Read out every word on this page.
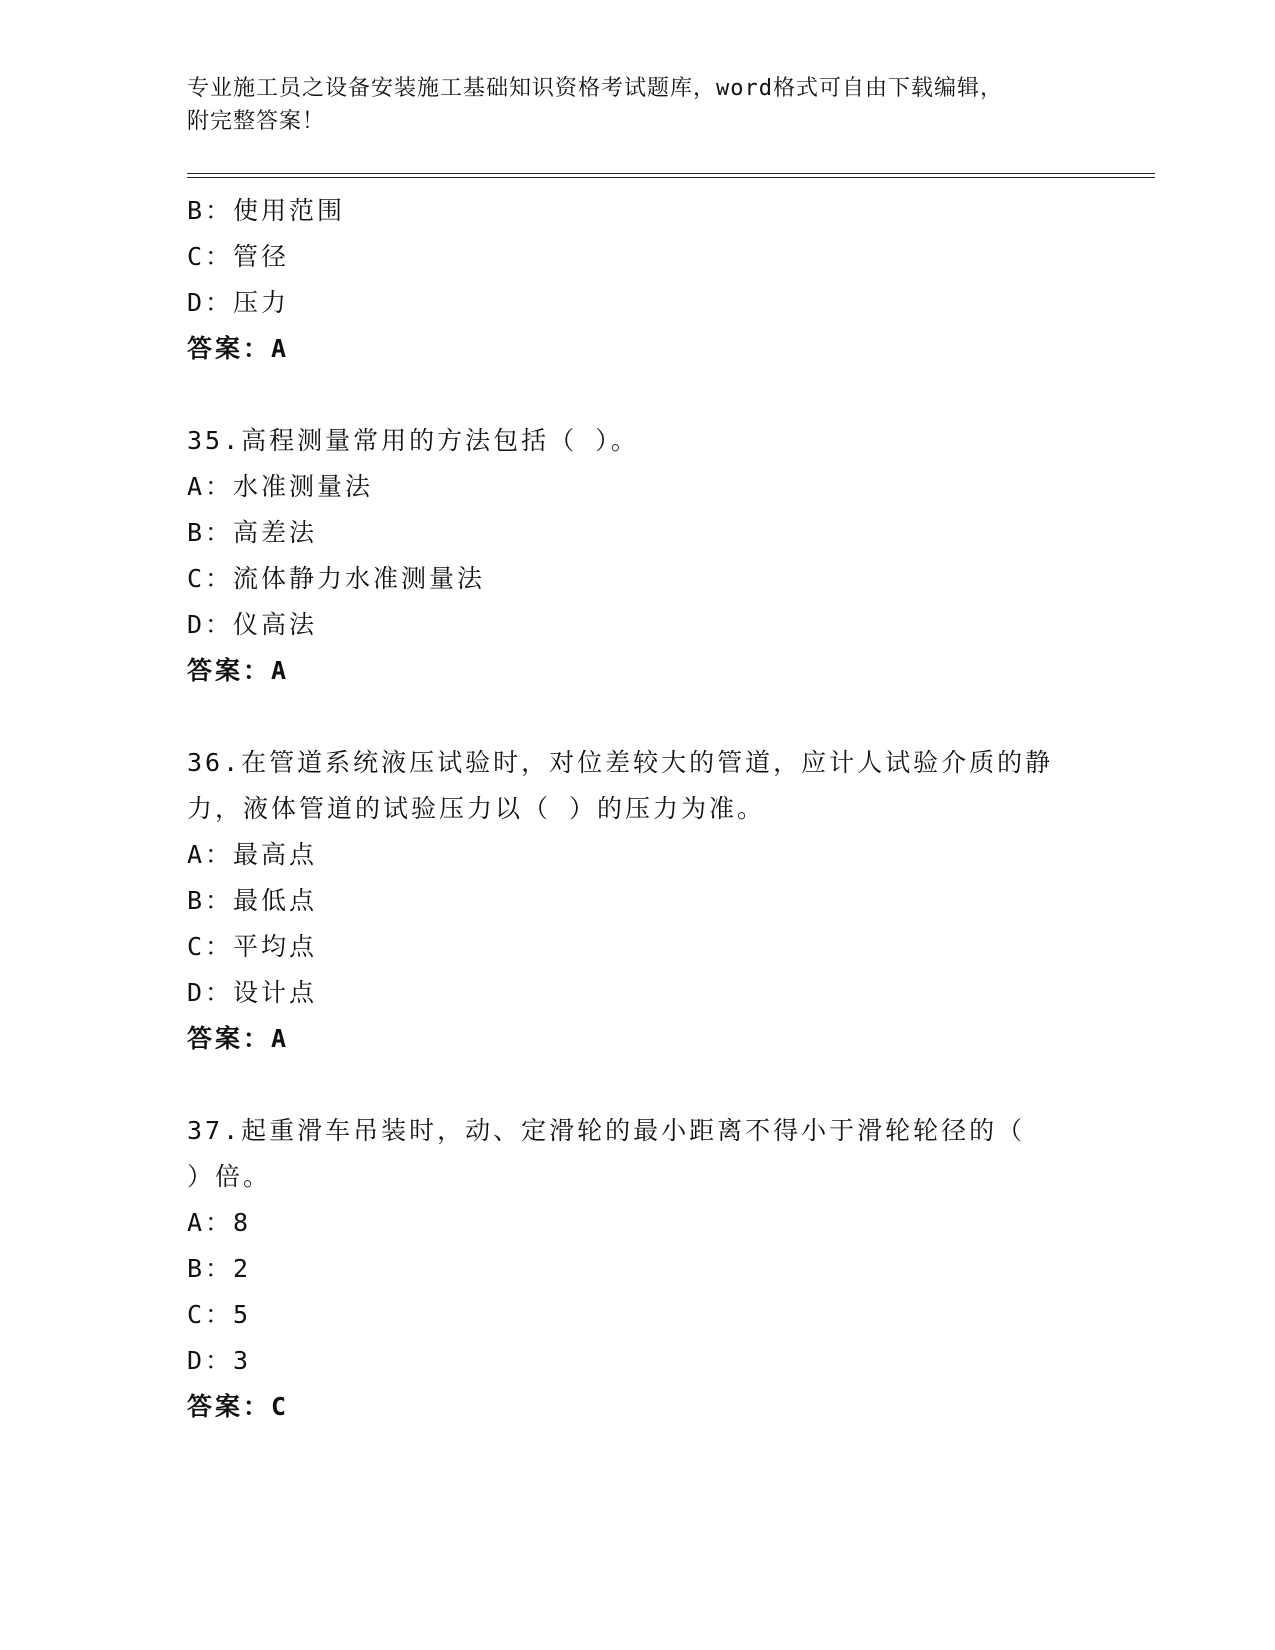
专业施工员之设备安装施工基础知识资格考试题库，word格式可自由下载编辑，
附完整答案！
B：使用范围
C：管径
D：压力
答案：A
35.高程测量常用的方法包括（ ）。
A：水准测量法
B：高差法
C：流体静力水准测量法
D：仪高法
答案：A
36.在管道系统液压试验时，对位差较大的管道，应计人试验介质的静
力，液体管道的试验压力以（ ）的压力为准。
A：最高点
B：最低点
C：平均点
D：设计点
答案：A
37.起重滑车吊装时，动、定滑轮的最小距离不得小于滑轮轮径的（
）倍。
A：8
B：2
C：5
D：3
答案：C
